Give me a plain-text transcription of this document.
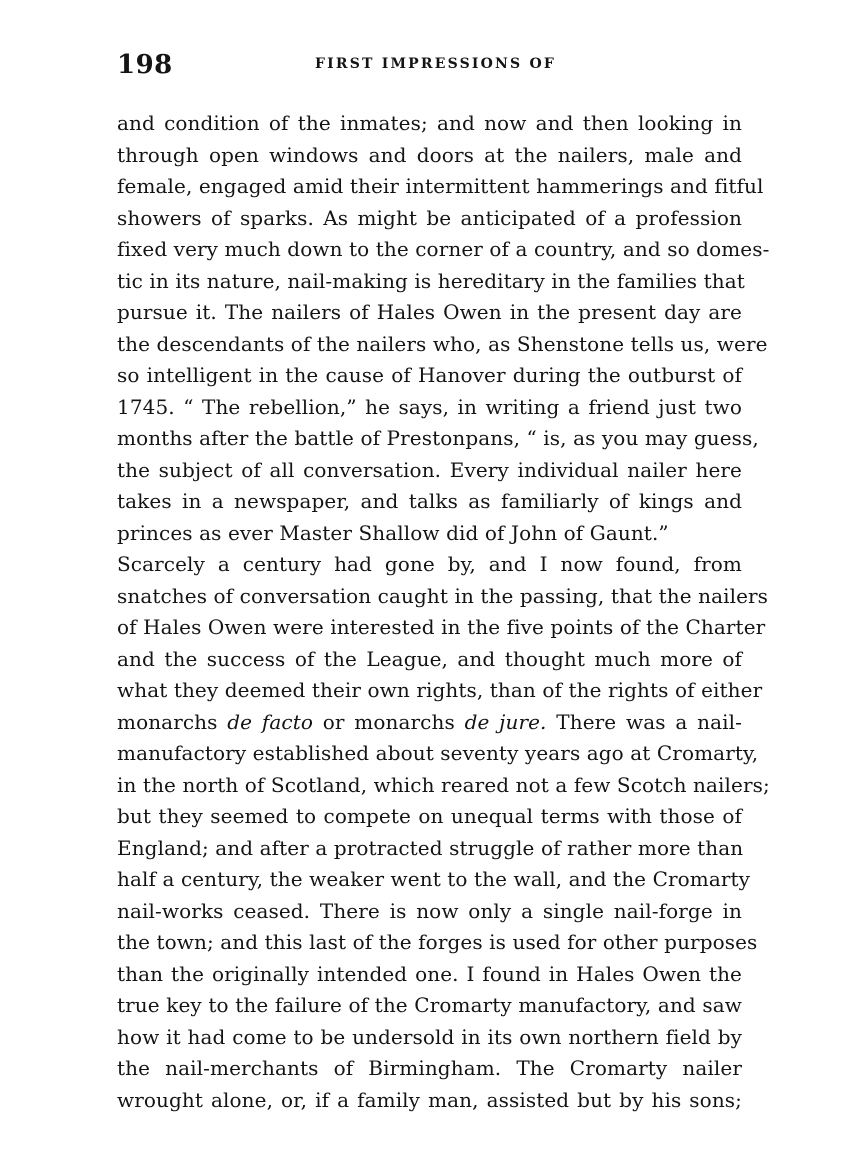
198	FIRST IMPRESSIONS OF
and condition of the inmates; and now and then looking in
through open windows and doors at the nailers, male and
female, engaged amid their intermittent hammerings and fitful
showers of sparks. As might be anticipated of a profession
fixed very much down to the corner of a country, and so domes-
tic in its nature, nail-making is hereditary in the families that
pursue it. The nailers of Hales Owen in the present day are
the descendants of the nailers who, as Shenstone tells us, were
so intelligent in the cause of Hanover during the outburst of
1745. “ The rebellion,” he says, in writing a friend just two
months after the battle of Prestonpans, “ is, as you may guess,
the subject of all conversation. Every individual nailer here
takes in a newspaper, and talks as familiarly of kings and
princes as ever Master Shallow did of John of Gaunt.”
Scarcely a century had gone by, and I now found, from
snatches of conversation caught in the passing, that the nailers
of Hales Owen were interested in the five points of the Charter
and the success of the League, and thought much more of
what they deemed their own rights, than of the rights of either
monarchs de facto or monarchs de jure. There was a nail-
manufactory established about seventy years ago at Cromarty,
in the north of Scotland, which reared not a few Scotch nailers;
but they seemed to compete on unequal terms with those of
England; and after a protracted struggle of rather more than
half a century, the weaker went to the wall, and the Cromarty
nail-works ceased. There is now only a single nail-forge in
the town; and this last of the forges is used for other purposes
than the originally intended one. I found in Hales Owen the
true key to the failure of the Cromarty manufactory, and saw
how it had come to be undersold in its own northern field by
the nail-merchants of Birmingham. The Cromarty nailer
wrought alone, or, if a family man, assisted but by his sons;
